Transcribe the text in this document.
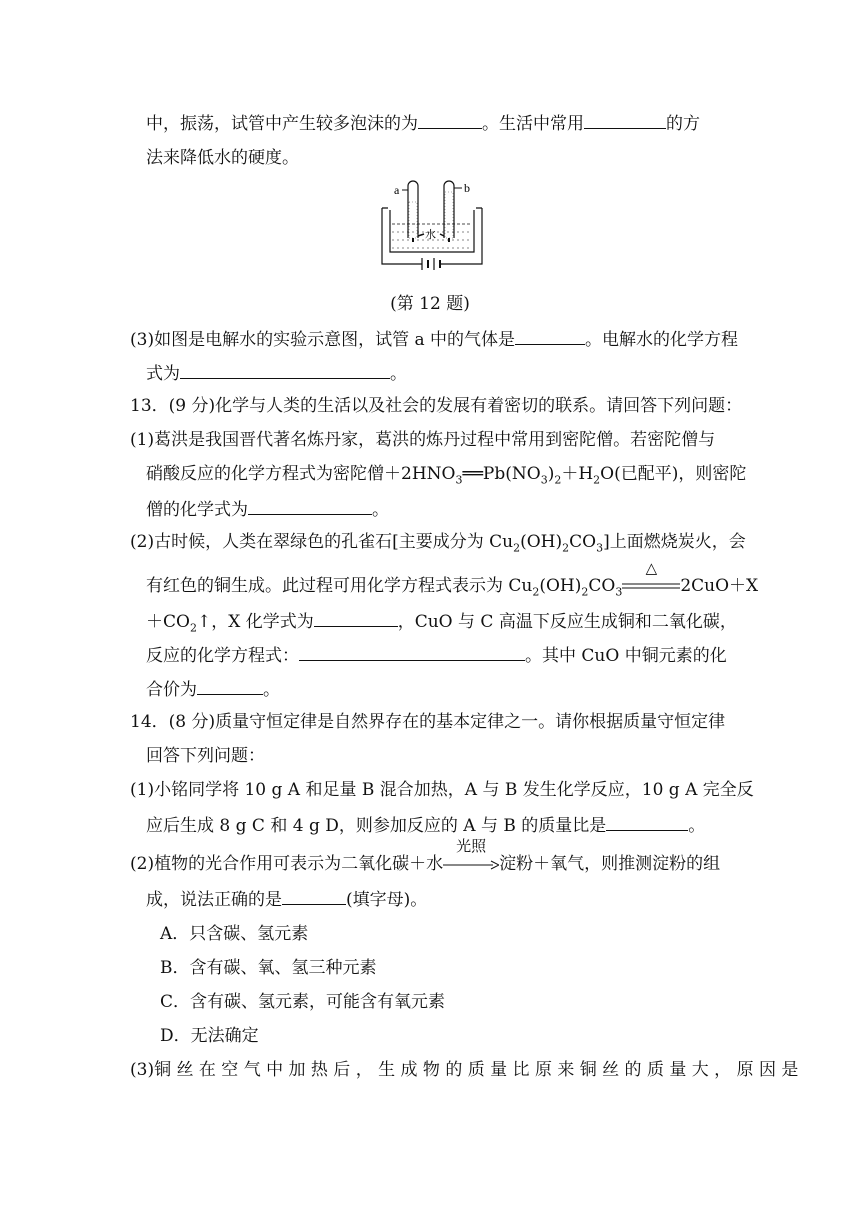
中，振荡，试管中产生较多泡沫的为	。生活中常用	的方
法来降低水的硬度。
a	b
水
(第 12 题)
(3)如图是电解水的实验示意图，试管 a 中的气体是	。电解水的化学方程
式为	。
13．(9 分)化学与人类的生活以及社会的发展有着密切的联系。请回答下列问题：
(1)葛洪是我国晋代著名炼丹家，葛洪的炼丹过程中常用到密陀僧。若密陀僧与
硝酸反应的化学方程式为密陀僧$+2HNO_3══Pb(NO_3)_2+H_2O$(已配平)，则密陀
僧的化学式为	。
(2)古时候，人类在翠绿色的孔雀石[主要成分为 $Cu_2(OH)_2CO_3$]上面燃烧炭火，会
有红色的铜生成。此过程可用化学方程式表示为 $Cu_2(OH)_2CO_3$
△
2CuO＋X
$+CO_2↑$，X 化学式为	，CuO 与 C 高温下反应生成铜和二氧化碳，
反应的化学方程式：	。其中 CuO 中铜元素的化
合价为	。
14．(8 分)质量守恒定律是自然界存在的基本定律之一。请你根据质量守恒定律
回答下列问题：
(1)小铭同学将 10 g A 和足量 B 混合加热，A 与 B 发生化学反应，10 g A 完全反
应后生成 8 g C 和 4 g D，则参加反应的 A 与 B 的质量比是	。
(2)植物的光合作用可表示为二氧化碳＋水
光照
淀粉＋氧气，则推测淀粉的组
成，说法正确的是	(填字母)。
A．只含碳、氢元素
B．含有碳、氧、氢三种元素
C．含有碳、氢元素，可能含有氧元素
D．无法确定
(3)铜 丝 在 空 气 中 加 热 后 ， 生 成 物 的 质 量 比 原 来 铜 丝 的 质 量 大 ， 原 因 是
